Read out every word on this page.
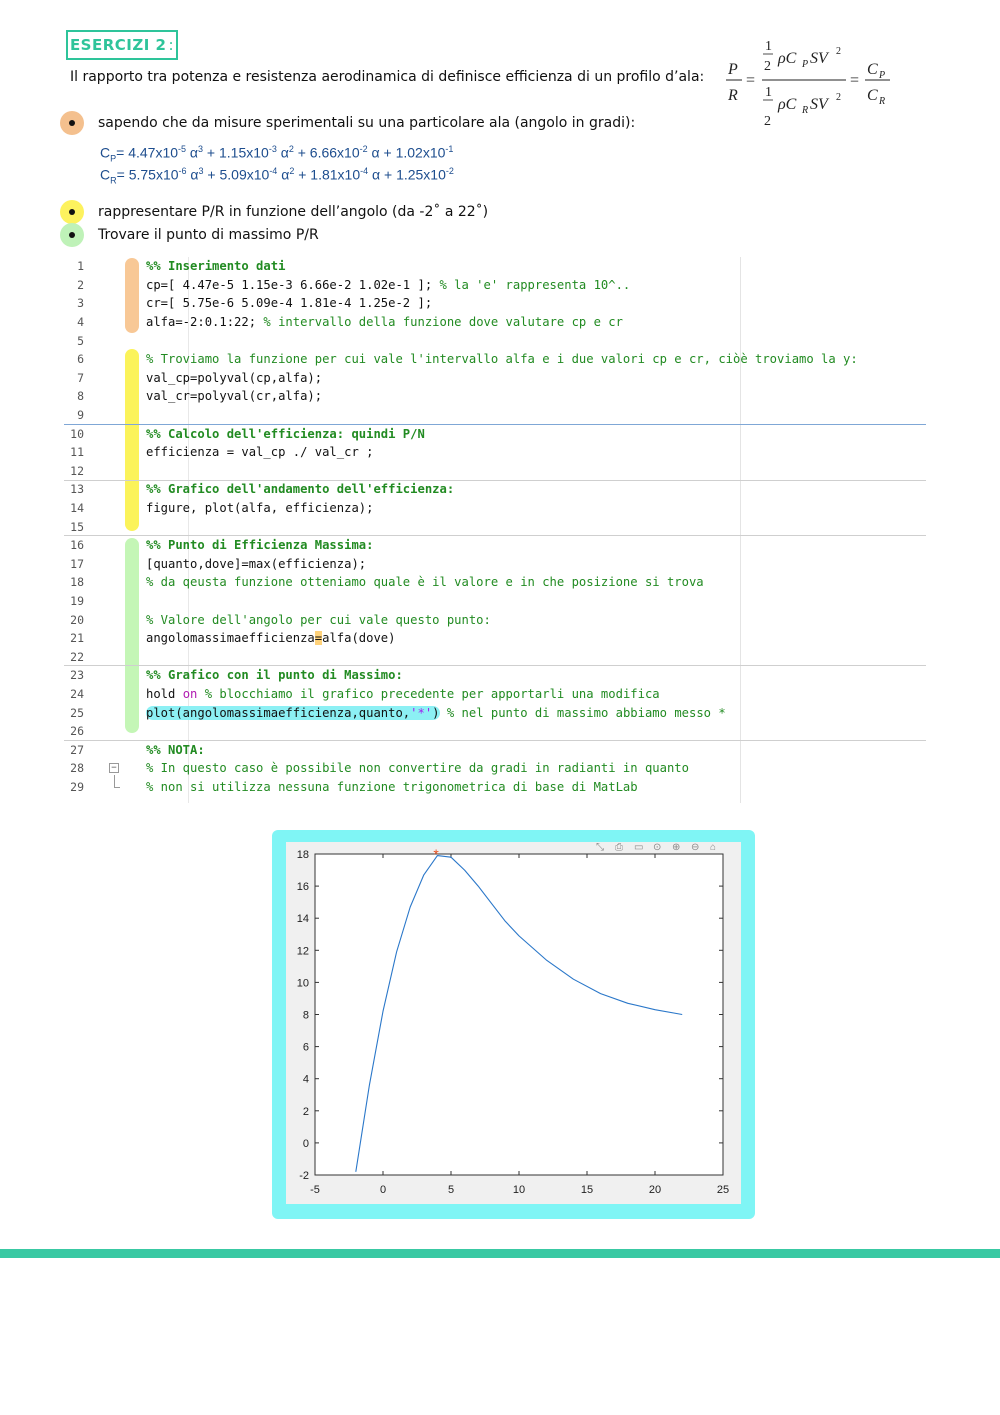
ESERCIZI 2 :
Il rapporto tra potenza e resistenza aerodinamica di definisce efficienza di un profilo d’ala: P
R
=
1
2 ρC P SV 2
1
2
ρC R SV 2
=
C P
C R
sapendo che da misure sperimentali su una particolare ala (angolo in gradi):
$C_P= 4.47x10^{-5}$ $\alpha^3 + 1.15x10^{-3}$ $\alpha^2 + 6.66x10^{-2}$ $\alpha + 1.02x10^{-1}$
$C_R= 5.75x10^{-6}$ $\alpha^3 + 5.09x10^{-4}$ $\alpha^2 + 1.81x10^{-4}$ $\alpha + 1.25x10^{-2}$
rappresentare P/R in funzione dell’angolo (da -2˚ a 22˚)
Trovare il punto di massimo P/R
1	%% Inserimento dati
2	cp=[ 4.47e-5 1.15e-3 6.66e-2 1.02e-1 ]; % la 'e' rappresenta 10^..
3	cr=[ 5.75e-6 5.09e-4 1.81e-4 1.25e-2 ];
4	alfa=-2:0.1:22; % intervallo della funzione dove valutare cp e cr
5
6	% Troviamo la funzione per cui vale l'intervallo alfa e i due valori cp e cr, ciòè troviamo la y:
7	val_cp=polyval(cp,alfa);
8	val_cr=polyval(cr,alfa);
9
10	%% Calcolo dell'efficienza: quindi P/N
11	efficienza = val_cp ./ val_cr ;
12
13	%% Grafico dell'andamento dell'efficienza:
14	figure, plot(alfa, efficienza);
15
16	%% Punto di Efficienza Massima:
17	[quanto,dove]=max(efficienza);
18	% da qeusta funzione otteniamo quale è il valore e in che posizione si trova
19
20	% Valore dell'angolo per cui vale questo punto:
21	angolomassimaefficienza=alfa(dove)
22
23	%% Grafico con il punto di Massimo:
24	hold on % blocchiamo il grafico precedente per apportarli una modifica
25	plot(angolomassimaefficienza,quanto,'*') % nel punto di massimo abbiamo messo *
26
27	%% NOTA:
28	% In questo caso è possibile non convertire da gradi in radianti in quanto
29	% non si utilizza nessuna funzione trigonometrica di base di MatLab
−
⤡ ⎙ ▭ ⊙ ⊕ ⊖ ⌂
-5	0	5	10	15	20	25
-2
0
2
4
6
8
10
12
14
16
18	*
